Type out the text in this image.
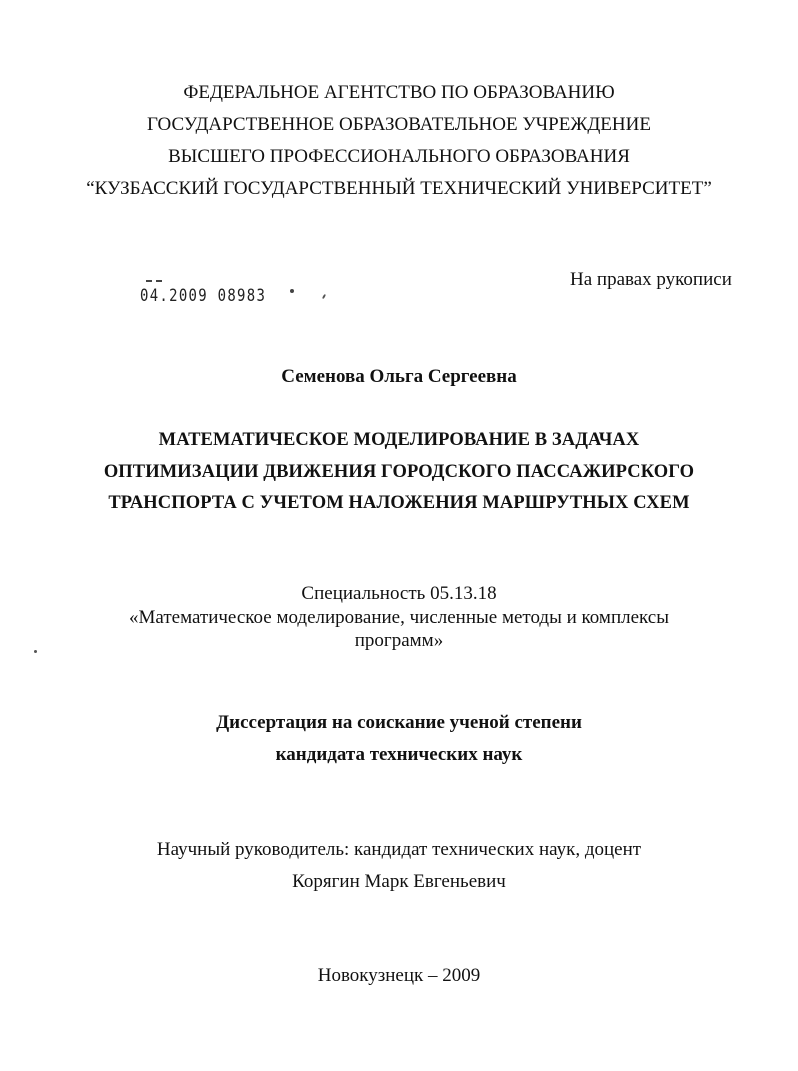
ФЕДЕРАЛЬНОЕ АГЕНТСТВО ПО ОБРАЗОВАНИЮ
ГОСУДАРСТВЕННОЕ ОБРАЗОВАТЕЛЬНОЕ УЧРЕЖДЕНИЕ
ВЫСШЕГО ПРОФЕССИОНАЛЬНОГО ОБРАЗОВАНИЯ
“КУЗБАССКИЙ ГОСУДАРСТВЕННЫЙ ТЕХНИЧЕСКИЙ УНИВЕРСИТЕТ”
На правах рукописи
04.2009 08983
Семенова Ольга Сергеевна
МАТЕМАТИЧЕСКОЕ МОДЕЛИРОВАНИЕ В ЗАДАЧАХ
ОПТИМИЗАЦИИ ДВИЖЕНИЯ ГОРОДСКОГО ПАССАЖИРСКОГО
ТРАНСПОРТА С УЧЕТОМ НАЛОЖЕНИЯ МАРШРУТНЫХ СХЕМ
Специальность 05.13.18
«Математическое моделирование, численные методы и комплексы
программ»
Диссертация на соискание ученой степени
кандидата технических наук
Научный руководитель: кандидат технических наук, доцент
Корягин Марк Евгеньевич
Новокузнецк – 2009
